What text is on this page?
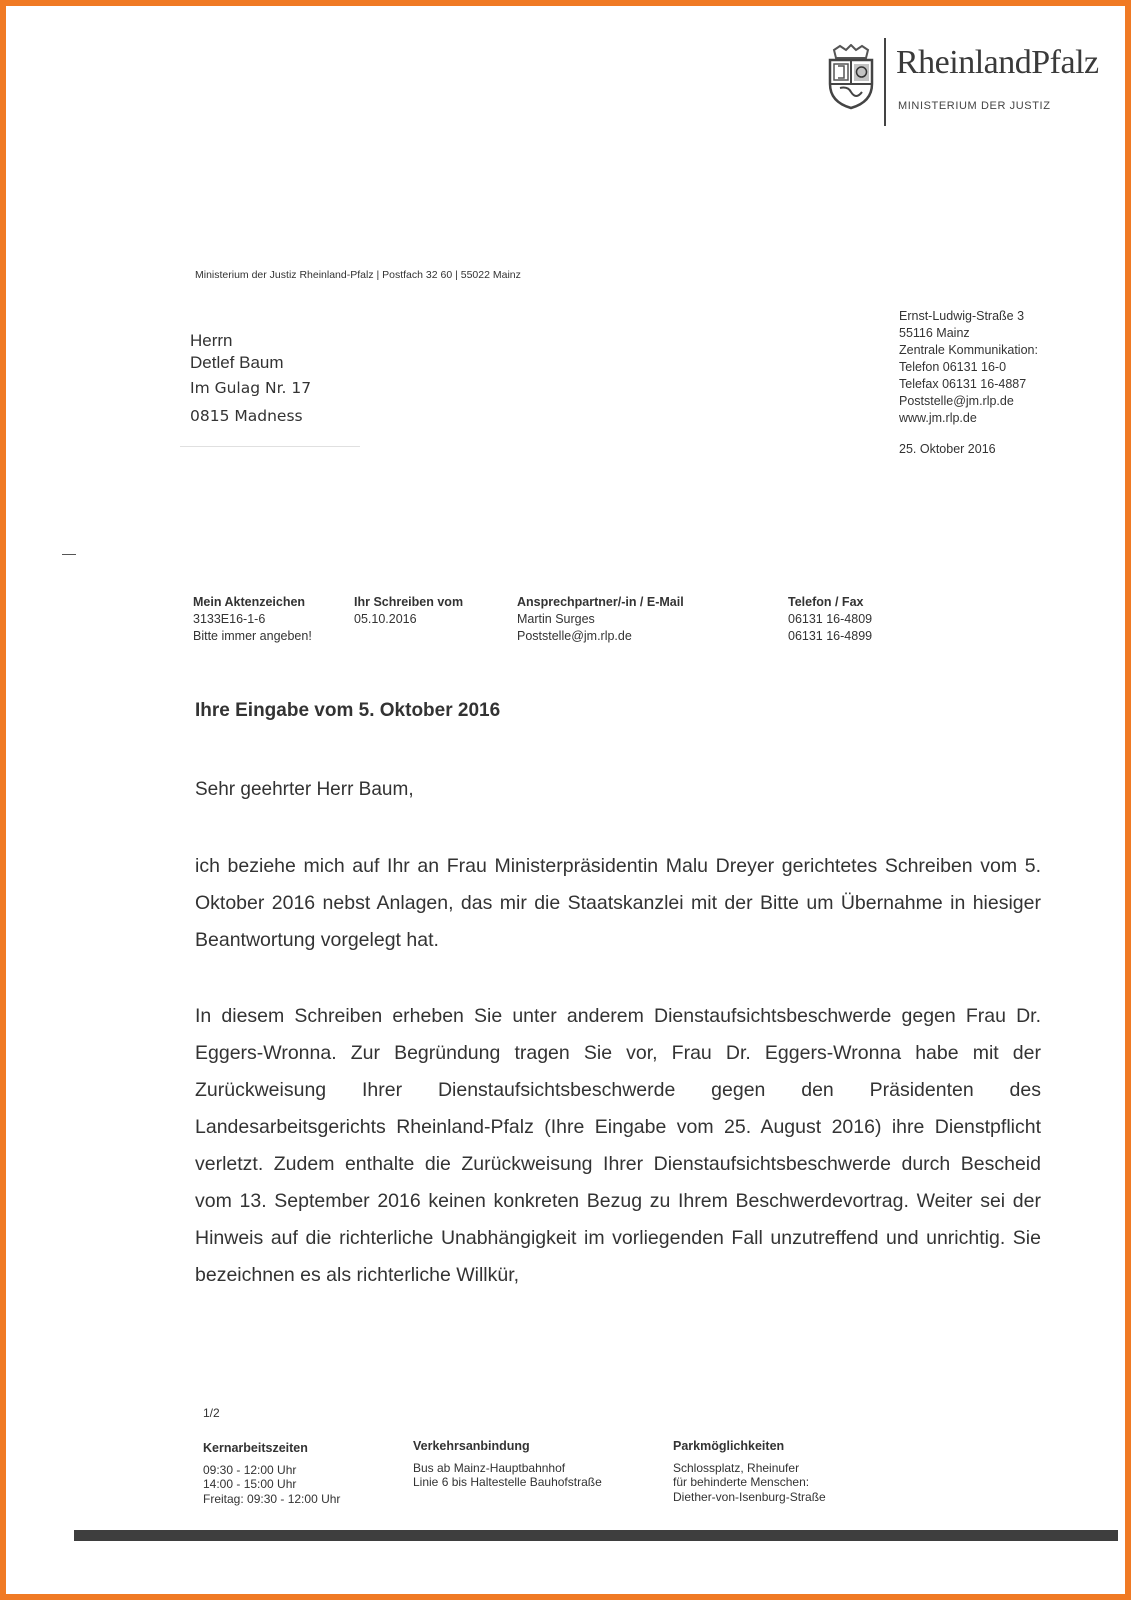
RheinlandPfalz
MINISTERIUM DER JUSTIZ
Ministerium der Justiz Rheinland-Pfalz | Postfach 32 60 | 55022 Mainz
Herrn
Detlef Baum
Im Gulag Nr. 17
0815 Madness
Ernst-Ludwig-Straße 3
55116 Mainz
Zentrale Kommunikation:
Telefon 06131 16-0
Telefax 06131 16-4887
Poststelle@jm.rlp.de
www.jm.rlp.de
25. Oktober 2016
Mein Aktenzeichen
3133E16-1-6
Bitte immer angeben!
Ihr Schreiben vom
05.10.2016
Ansprechpartner/-in / E-Mail
Martin Surges
Poststelle@jm.rlp.de
Telefon / Fax
06131 16-4809
06131 16-4899
Ihre Eingabe vom 5. Oktober 2016
Sehr geehrter Herr Baum,
ich beziehe mich auf Ihr an Frau Ministerpräsidentin Malu Dreyer gerichtetes Schreiben vom 5. Oktober 2016 nebst Anlagen, das mir die Staatskanzlei mit der Bitte um Übernahme in hiesiger Beantwortung vorgelegt hat.
In diesem Schreiben erheben Sie unter anderem Dienstaufsichtsbeschwerde gegen Frau Dr. Eggers-Wronna. Zur Begründung tragen Sie vor, Frau Dr. Eggers-Wronna habe mit der Zurückweisung Ihrer Dienstaufsichtsbeschwerde gegen den Präsidenten des Landesarbeitsgerichts Rheinland-Pfalz (Ihre Eingabe vom 25. August 2016) ihre Dienstpflicht verletzt. Zudem enthalte die Zurückweisung Ihrer Dienstaufsichtsbeschwerde durch Bescheid vom 13. September 2016 keinen konkreten Bezug zu Ihrem Beschwerdevortrag. Weiter sei der Hinweis auf die richterliche Unabhängigkeit im vorliegenden Fall unzutreffend und unrichtig. Sie bezeichnen es als richterliche Willkür,
1/2
Kernarbeitszeiten
09:30 - 12:00 Uhr
14:00 - 15:00 Uhr
Freitag: 09:30 - 12:00 Uhr
Verkehrsanbindung
Bus ab Mainz-Hauptbahnhof
Linie 6 bis Haltestelle Bauhofstraße
Parkmöglichkeiten
Schlossplatz, Rheinufer
für behinderte Menschen:
Diether-von-Isenburg-Straße
